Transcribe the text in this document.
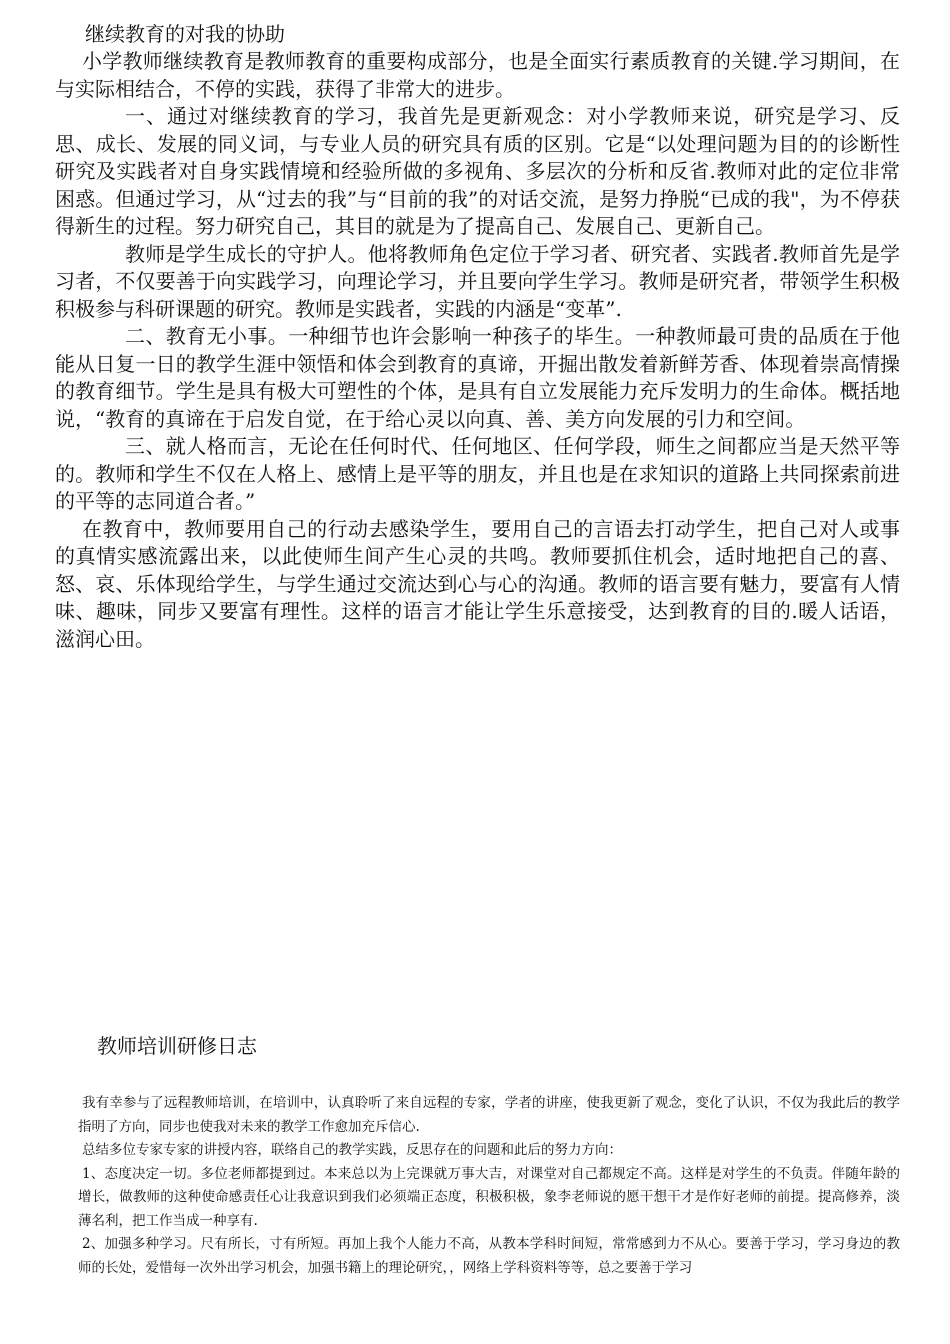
继续教育的对我的协助

小学教师继续教育是教师教育的重要构成部分，也是全面实行素质教育的关键.学习期间，在与实际相结合，不停的实践，获得了非常大的进步。

一、通过对继续教育的学习，我首先是更新观念：对小学教师来说，研究是学习、反思、成长、发展的同义词，与专业人员的研究具有质的区别。它是“以处理问题为目的的诊断性研究及实践者对自身实践情境和经验所做的多视角、多层次的分析和反省.教师对此的定位非常困惑。但通过学习，从“过去的我”与“目前的我”的对话交流，是努力挣脱“已成的我"，为不停获得新生的过程。努力研究自己，其目的就是为了提高自己、发展自己、更新自己。

教师是学生成长的守护人。他将教师角色定位于学习者、研究者、实践者.教师首先是学习者，不仅要善于向实践学习，向理论学习，并且要向学生学习。教师是研究者，带领学生积极积极参与科研课题的研究。教师是实践者，实践的内涵是“变革”.

二、教育无小事。一种细节也许会影响一种孩子的毕生。一种教师最可贵的品质在于他能从日复一日的教学生涯中领悟和体会到教育的真谛，开掘出散发着新鲜芳香、体现着崇高情操的教育细节。学生是具有极大可塑性的个体，是具有自立发展能力充斥发明力的生命体。概括地说，“教育的真谛在于启发自觉，在于给心灵以向真、善、美方向发展的引力和空间。

三、就人格而言，无论在任何时代、任何地区、任何学段，师生之间都应当是天然平等的。教师和学生不仅在人格上、感情上是平等的朋友，并且也是在求知识的道路上共同探索前进的平等的志同道合者。”

在教育中，教师要用自己的行动去感染学生，要用自己的言语去打动学生，把自己对人或事的真情实感流露出来，以此使师生间产生心灵的共鸣。教师要抓住机会，适时地把自己的喜、怒、哀、乐体现给学生，与学生通过交流达到心与心的沟通。教师的语言要有魅力，要富有人情味、趣味，同步又要富有理性。这样的语言才能让学生乐意接受，达到教育的目的.暖人话语，滋润心田。

教师培训研修日志

我有幸参与了远程教师培训，在培训中，认真聆听了来自远程的专家，学者的讲座，使我更新了观念，变化了认识，不仅为我此后的教学指明了方向，同步也使我对未来的教学工作愈加充斥信心.

总结多位专家专家的讲授内容，联络自己的教学实践，反思存在的问题和此后的努力方向：

1、态度决定一切。多位老师都提到过。本来总以为上完课就万事大吉，对课堂对自己都规定不高。这样是对学生的不负责。伴随年龄的增长，做教师的这种使命感责任心让我意识到我们必须端正态度，积极积极，象李老师说的愿干想干才是作好老师的前提。提高修养，淡薄名利，把工作当成一种享有.

2、加强多种学习。尺有所长，寸有所短。再加上我个人能力不高，从教本学科时间短，常常感到力不从心。要善于学习，学习身边的教师的长处，爱惜每一次外出学习机会，加强书籍上的理论研究，，网络上学科资料等等，总之要善于学习
